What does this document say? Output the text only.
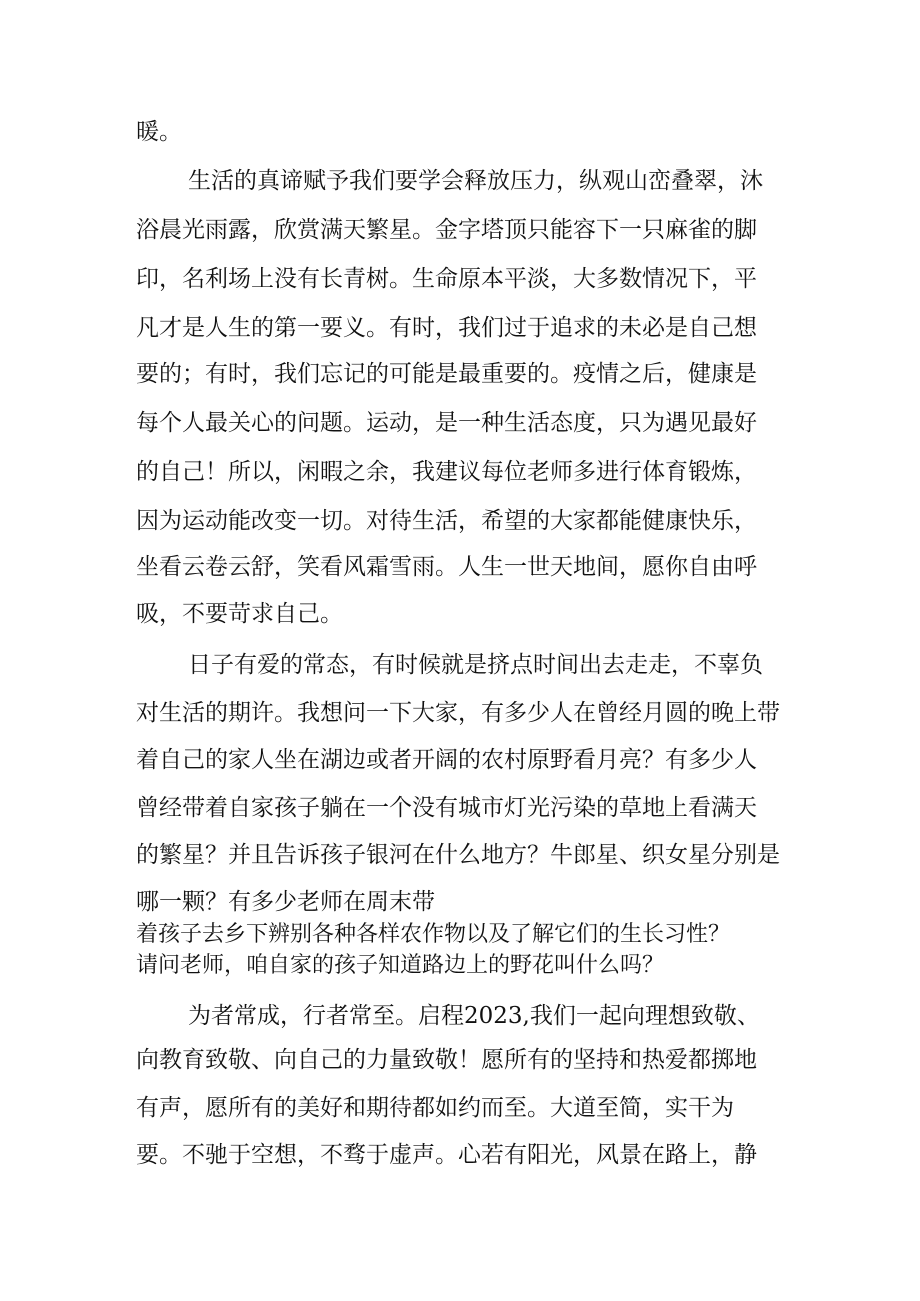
暖。
生活的真谛赋予我们要学会释放压力，纵观山峦叠翠，沐
浴晨光雨露，欣赏满天繁星。金字塔顶只能容下一只麻雀的脚
印，名利场上没有长青树。生命原本平淡，大多数情况下，平
凡才是人生的第一要义。有时，我们过于追求的未必是自己想
要的；有时，我们忘记的可能是最重要的。疫情之后，健康是
每个人最关心的问题。运动，是一种生活态度，只为遇见最好
的自己！所以，闲暇之余，我建议每位老师多进行体育锻炼，
因为运动能改变一切。对待生活，希望的大家都能健康快乐，
坐看云卷云舒，笑看风霜雪雨。人生一世天地间，愿你自由呼
吸，不要苛求自己。
日子有爱的常态，有时候就是挤点时间出去走走，不辜负
对生活的期许。我想问一下大家，有多少人在曾经月圆的晚上带
着自己的家人坐在湖边或者开阔的农村原野看月亮？有多少人
曾经带着自家孩子躺在一个没有城市灯光污染的草地上看满天
的繁星？并且告诉孩子银河在什么地方？牛郎星、织女星分别是
哪一颗？有多少老师在周末带
着孩子去乡下辨别各种各样农作物以及了解它们的生长习性？
请问老师，咱自家的孩子知道路边上的野花叫什么吗？
为者常成，行者常至。启程2023,我们一起向理想致敬、
向教育致敬、向自己的力量致敬！愿所有的坚持和热爱都掷地
有声，愿所有的美好和期待都如约而至。大道至简，实干为
要。不驰于空想，不骛于虚声。心若有阳光，风景在路上，静
